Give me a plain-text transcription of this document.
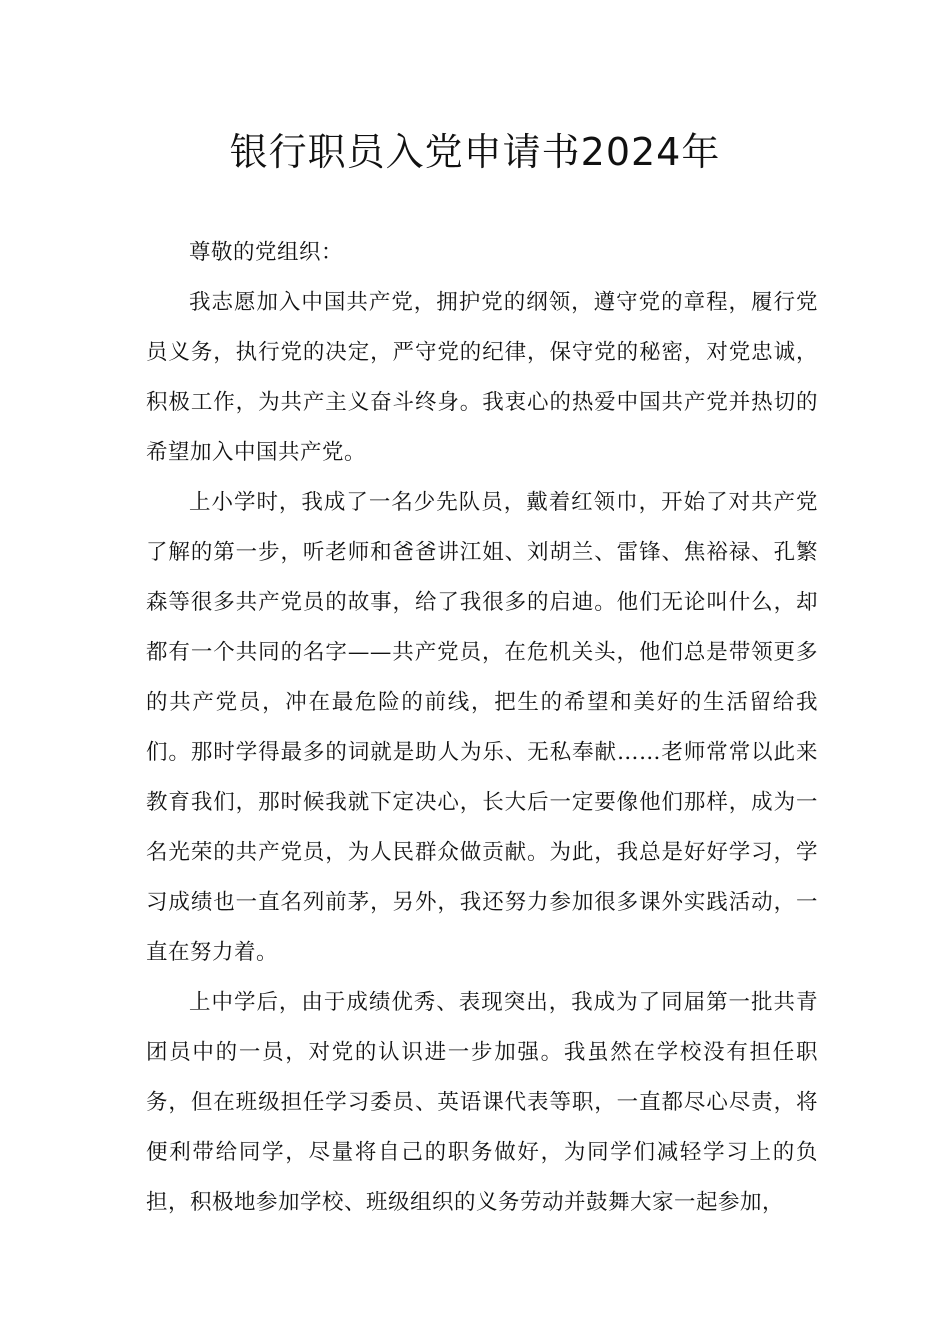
银行职员入党申请书2024年

尊敬的党组织：

我志愿加入中国共产党，拥护党的纲领，遵守党的章程，履行党员义务，执行党的决定，严守党的纪律，保守党的秘密，对党忠诚，积极工作，为共产主义奋斗终身。我衷心的热爱中国共产党并热切的希望加入中国共产党。

上小学时，我成了一名少先队员，戴着红领巾，开始了对共产党了解的第一步，听老师和爸爸讲江姐、刘胡兰、雷锋、焦裕禄、孔繁森等很多共产党员的故事，给了我很多的启迪。他们无论叫什么，却都有一个共同的名字——共产党员，在危机关头，他们总是带领更多的共产党员，冲在最危险的前线，把生的希望和美好的生活留给我们。那时学得最多的词就是助人为乐、无私奉献……老师常常以此来教育我们，那时候我就下定决心，长大后一定要像他们那样，成为一名光荣的共产党员，为人民群众做贡献。为此，我总是好好学习，学习成绩也一直名列前茅，另外，我还努力参加很多课外实践活动，一直在努力着。

上中学后，由于成绩优秀、表现突出，我成为了同届第一批共青团员中的一员，对党的认识进一步加强。我虽然在学校没有担任职务，但在班级担任学习委员、英语课代表等职，一直都尽心尽责，将便利带给同学，尽量将自己的职务做好，为同学们减轻学习上的负担，积极地参加学校、班级组织的义务劳动并鼓舞大家一起参加，
